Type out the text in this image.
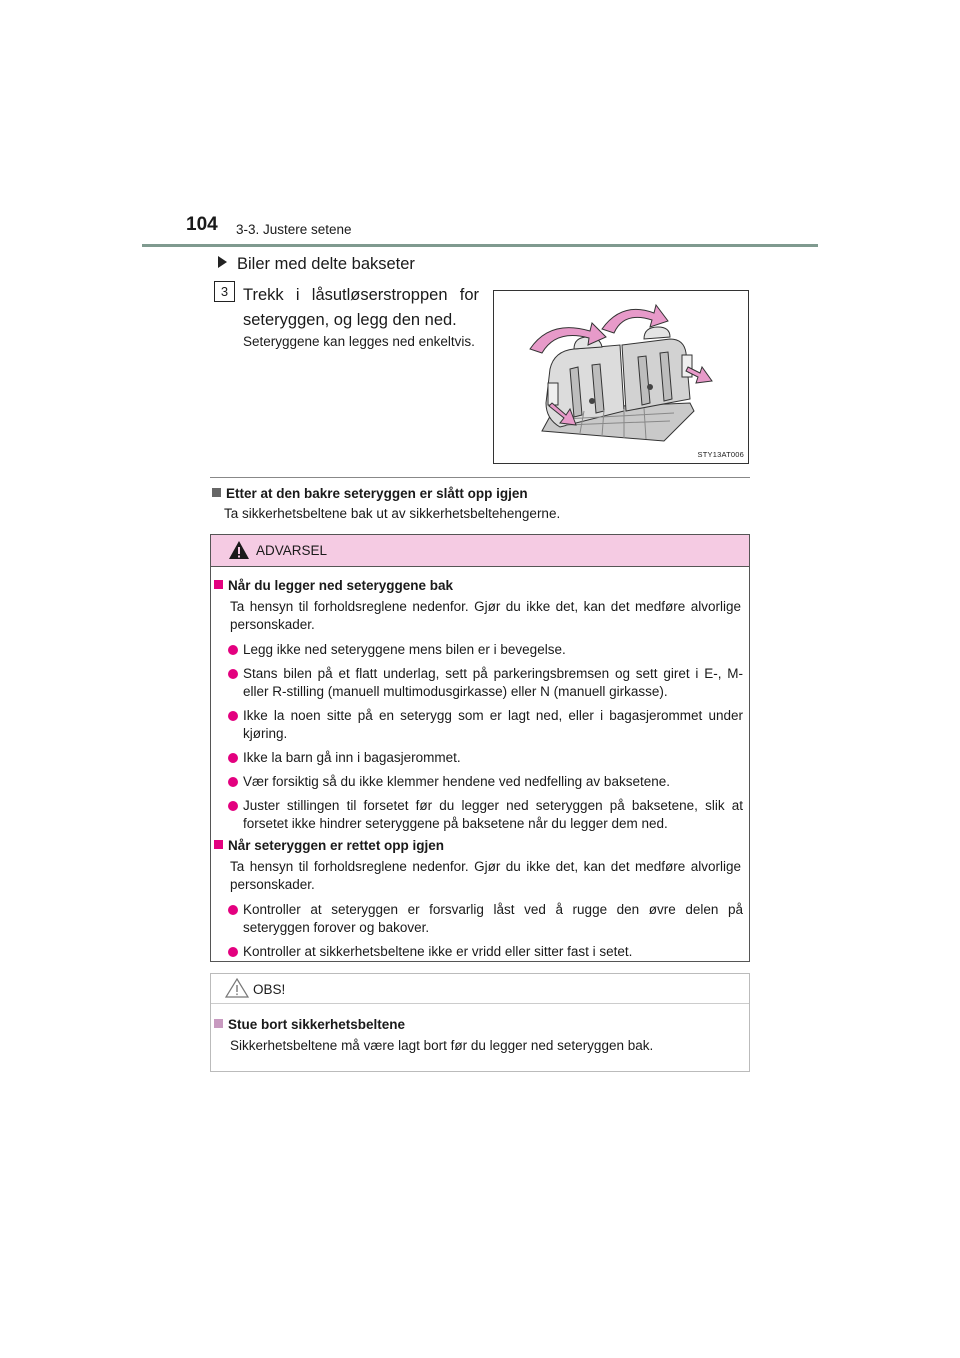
104 3-3. Justere setene
Biler med delte bakseter
3 Trekk i låsutløserstroppen for seteryggen, og legg den ned.
Seteryggene kan legges ned enkeltvis.
STY13AT006
Etter at den bakre seteryggen er slått opp igjen
Ta sikkerhetsbeltene bak ut av sikkerhetsbeltehengerne.
ADVARSEL
Når du legger ned seteryggene bak
Ta hensyn til forholdsreglene nedenfor. Gjør du ikke det, kan det medføre alvorlige personskader.
Legg ikke ned seteryggene mens bilen er i bevegelse.
Stans bilen på et flatt underlag, sett på parkeringsbremsen og sett giret i E-, M- eller R-stilling (manuell multimodusgirkasse) eller N (manuell girkasse).
Ikke la noen sitte på en seterygg som er lagt ned, eller i bagasjerommet under kjøring.
Ikke la barn gå inn i bagasjerommet.
Vær forsiktig så du ikke klemmer hendene ved nedfelling av baksetene.
Juster stillingen til forsetet før du legger ned seteryggen på baksetene, slik at forsetet ikke hindrer seteryggene på baksetene når du legger dem ned.
Når seteryggen er rettet opp igjen
Ta hensyn til forholdsreglene nedenfor. Gjør du ikke det, kan det medføre alvorlige personskader.
Kontroller at seteryggen er forsvarlig låst ved å rugge den øvre delen på seteryggen forover og bakover.
Kontroller at sikkerhetsbeltene ikke er vridd eller sitter fast i setet.
OBS!
Stue bort sikkerhetsbeltene
Sikkerhetsbeltene må være lagt bort før du legger ned seteryggen bak.
